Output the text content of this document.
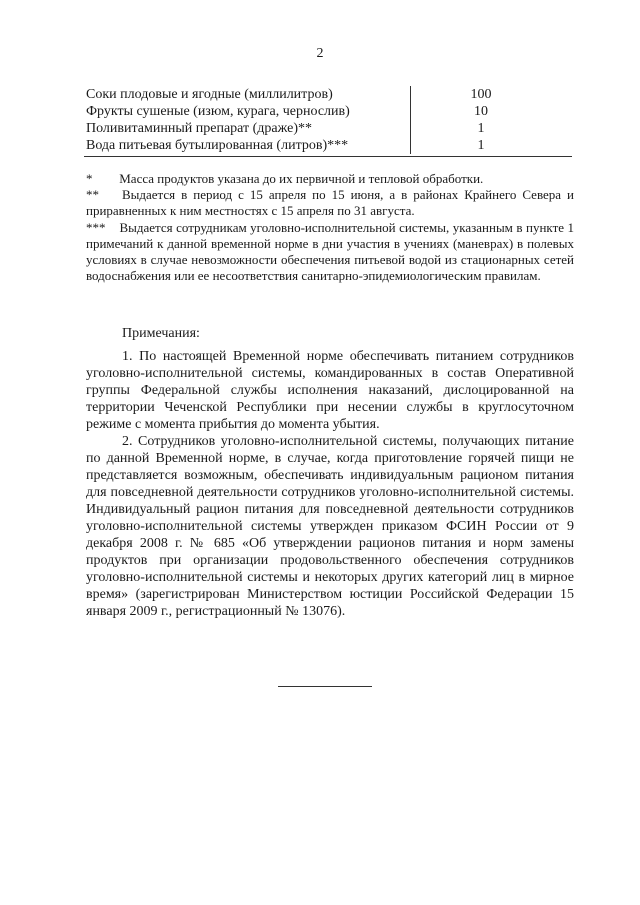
2
Соки плодовые и ягодные (миллилитров)	100
Фрукты сушеные (изюм, курага, чернослив)	10
Поливитаминный препарат (драже)**	1
Вода питьевая бутылированная (литров)***	1
* Масса продуктов указана до их первичной и тепловой обработки.
** Выдается в период с 15 апреля по 15 июня, а в районах Крайнего Севера и приравненных к ним местностях с 15 апреля по 31 августа.
*** Выдается сотрудникам уголовно-исполнительной системы, указанным в пункте 1 примечаний к данной временной норме в дни участия в учениях (маневрах) в полевых условиях в случае невозможности обеспечения питьевой водой из стационарных сетей водоснабжения или ее несоответствия санитарно-эпидемиологическим правилам.

Примечания:

1. По настоящей Временной норме обеспечивать питанием сотрудников уголовно-исполнительной системы, командированных в состав Оперативной группы Федеральной службы исполнения наказаний, дислоцированной на территории Чеченской Республики при несении службы в круглосуточном режиме с момента прибытия до момента убытия.

2. Сотрудников уголовно-исполнительной системы, получающих питание по данной Временной норме, в случае, когда приготовление горячей пищи не представляется возможным, обеспечивать индивидуальным рационом питания для повседневной деятельности сотрудников уголовно-исполнительной системы. Индивидуальный рацион питания для повседневной деятельности сотрудников уголовно-исполнительной системы утвержден приказом ФСИН России от 9 декабря 2008 г. № 685 «Об утверждении рационов питания и норм замены продуктов при организации продовольственного обеспечения сотрудников уголовно-исполнительной системы и некоторых других категорий лиц в мирное время» (зарегистрирован Министерством юстиции Российской Федерации 15 января 2009 г., регистрационный № 13076).
